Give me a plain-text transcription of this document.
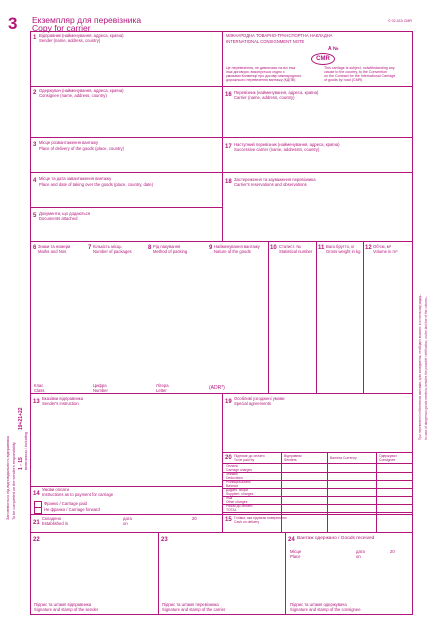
3 Екземпляр для перевізника
Copy for carrier
© 02-010 CMR
МІЖНАРОДНА ТОВАРНО-ТРАНСПОРТНА НАКЛАДНА
INTERNATIONAL CONSIGNMENT NOTE
A №
CMR
Це перевезення, не дивлячись на всі інші
інші договори, виконується згідно з
умовами Конвенції про договір міжнародного
дорожнього перевезення вантажу (КДПВ)
This carriage is subject, notwithstanding any
clause to the country, to the Convention
on the Contract for the International Carriage
of goods by road (CMR)
1 Відправник (найменування, адреса, країна)
Sender (name, address, country)
2 Одержувач (найменування, адреса, країна)
Consignee (name, address, country)	16 Перевізник (найменування, адреса, країна)
Carrier (name, address, country)
3 Місце розвантаження вантажу
Place of delivery of the goods (place, country)	17 Наступний перевізник (найменування, адреса, країна)
Successive carrier (name, addresstn, country)
4 Місце та дата завантаження вантажу
Place and date of taking over the goods (place, country, date)	18 Застереження та зауваження перевізника
Carrier's reservations and observations
5 Документи, що додаються
Documents attached
6 Знаки та номери
Marks and Nos
7 Кількість місць
Number of packages
8 Рід пакування
Method of packing
9 Найменування вантажу
Nature of the goods
10 Статист. №
Statistical number
11 Вага брутто, кг
Gross weight in kg
12 Об'єм, м³
Volume in m³
Клас
Class
Цифра
Number
Літера
Letter	(ADR*)
13
Вказівки відправника
Sender's instruction	19
Особливі узгоджені умови
Special agreements
20 Підлягає до оплати
To be paid by
Відправник
Senders	Валюта Currency	Одержувач
Consignee
Оплата
Carriage charges
Знижки
Deductions
Різниця/Баланс
Balance
Додатк. збори
Supplem. charges
Інші
Other charges
Разом до оплати
TOTAL
14
Умови оплати
Instructions as to payment for carriage
Франко / Carriage paid
Не франко / Carriage forward
21
Складено
Established in
дата
on
20	15 Готівка, яка підлягає поверненню
Cash on delivery
22	23	24 Вантаж одержано / Goods received
Місце
Place
дата
on
20
Підпис та штамп відправника
Signature and stamp of the sender
Підпис та штамп перевізника
Signature and stamp of the carrier
Підпис та штамп одержувача
Signature and stamp of the consignee
Заповнюється під відповідальність відправника To be completed on the sender's responsibility 1 - 15
19+21+22
включаючи / including
При перевезенні небезпечних вантажів, крім засвідчення, необхідно вказати: в останньому рядку... In case of dangerous goods mention, besides the possible certification, on the last line of the column...
